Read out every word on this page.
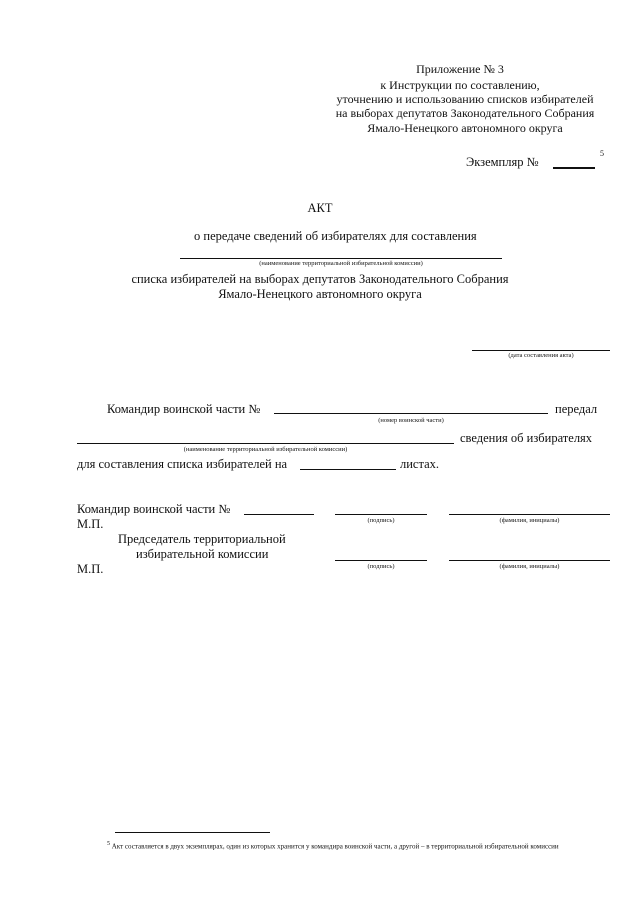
Приложение № 3
к Инструкции по составлению,
уточнению и использованию списков избирателей
на выборах депутатов Законодательного Собрания
Ямало-Ненецкого автономного округа
Экземпляр №
5
АКТ
о передаче сведений об избирателях для составления
(наименование территориальной избирательной комиссии)
списка избирателей на выборах депутатов Законодательного Собрания
Ямало-Ненецкого автономного округа
(дата составления акта)
Командир воинской части №	передал
(номер воинской части)
сведения об избирателях
(наименование территориальной избирательной комиссии)
для составления списка избирателей на	листах.
Командир воинской части №
М.П.	(подпись)	(фамилия, инициалы)
Председатель территориальной
избирательной комиссии
М.П.	(подпись)	(фамилия, инициалы)
$^5$ Акт составляется в двух экземплярах, один из которых хранится у командира воинской части, а другой – в территориальной избирательной комиссии
